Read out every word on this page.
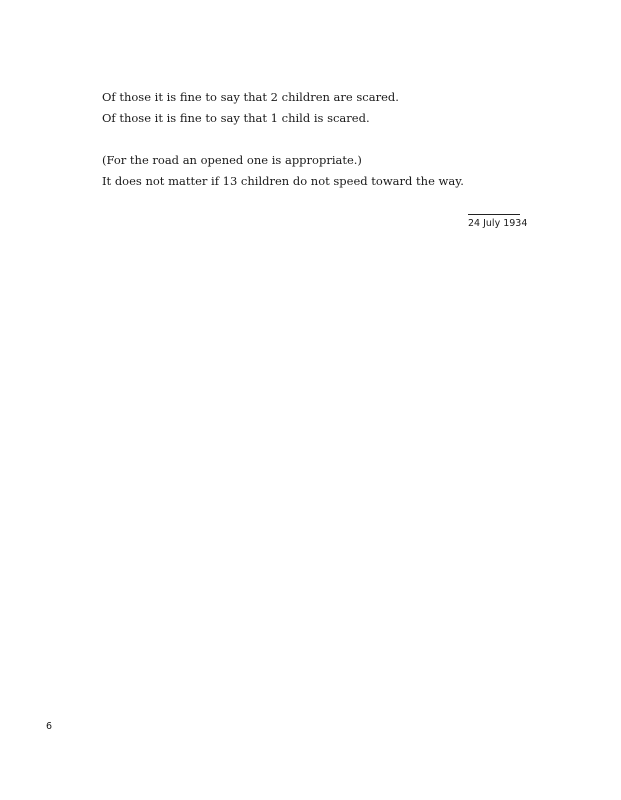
Of those it is fine to say that 2 children are scared.

Of those it is fine to say that 1 child is scared.

(For the road an opened one is appropriate.)

It does not matter if 13 children do not speed toward the way.

24 July 1934
6
